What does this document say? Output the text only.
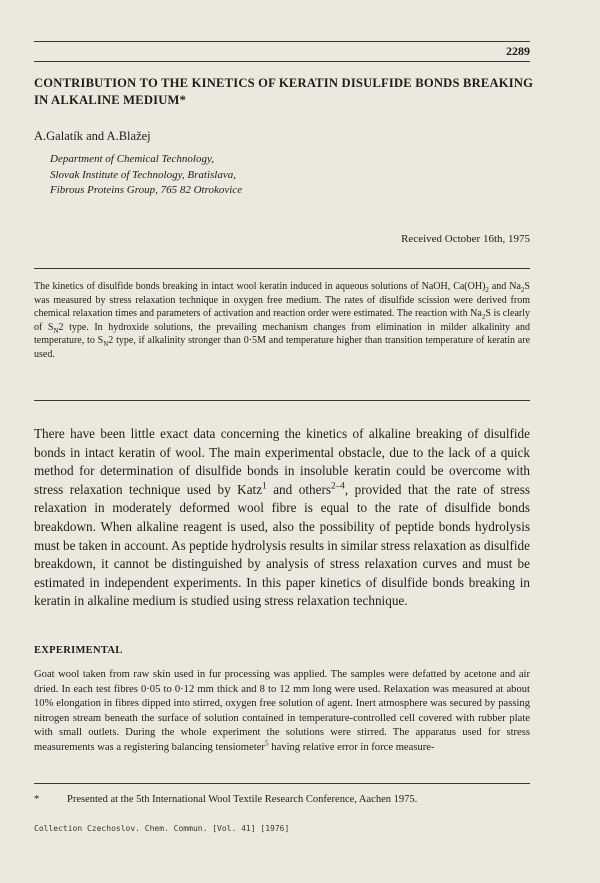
2289
CONTRIBUTION TO THE KINETICS OF KERATIN DISULFIDE BONDS BREAKING IN ALKALINE MEDIUM*
A.Galatík and A.Blažej
Department of Chemical Technology,
Slovak Institute of Technology, Bratislava,
Fibrous Proteins Group, 765 82 Otrokovice
Received October 16th, 1975

The kinetics of disulfide bonds breaking in intact wool keratin induced in aqueous solutions of NaOH, $Ca(OH)_2$ and $Na_2S$ was measured by stress relaxation technique in oxygen free medium. The rates of disulfide scission were derived from chemical relaxation times and parameters of activation and reaction order were estimated. The reaction with $Na_2S$ is clearly of $S_N2$ type. In hydroxide solutions, the prevailing mechanism changes from elimination in milder alkalinity and temperature, to $S_N2$ type, if alkalinity stronger than 0·5M and temperature higher than transition temperature of keratin are used.

There have been little exact data concerning the kinetics of alkaline breaking of disulfide bonds in intact keratin of wool. The main experimental obstacle, due to the lack of a quick method for determination of disulfide bonds in insoluble keratin could be overcome with stress relaxation technique used by Katz$^1$ and others$^{2-4}$, provided that the rate of stress relaxation in moderately deformed wool fibre is equal to the rate of disulfide bonds breakdown. When alkaline reagent is used, also the possibility of peptide bonds hydrolysis must be taken in account. As peptide hydrolysis results in similar stress relaxation as disulfide breakdown, it cannot be distinguished by analysis of stress relaxation curves and must be estimated in independent experiments. In this paper kinetics of disulfide bonds breaking in keratin in alkaline medium is studied using stress relaxation technique.

EXPERIMENTAL

Goat wool taken from raw skin used in fur processing was applied. The samples were defatted by acetone and air dried. In each test fibres 0·05 to 0·12 mm thick and 8 to 12 mm long were used. Relaxation was measured at about 10% elongation in fibres dipped into stirred, oxygen free solution of agent. Inert atmosphere was secured by passing nitrogen stream beneath the surface of solution contained in temperature-controlled cell covered with rubber plate with small outlets. During the whole experiment the solutions were stirred. The apparatus used for stress measurements was a registering balancing tensiometer$^5$ having relative error in force measure-

*	Presented at the 5th International Wool Textile Research Conference, Aachen 1975.
Collection Czechoslov. Chem. Commun. [Vol. 41] [1976]
